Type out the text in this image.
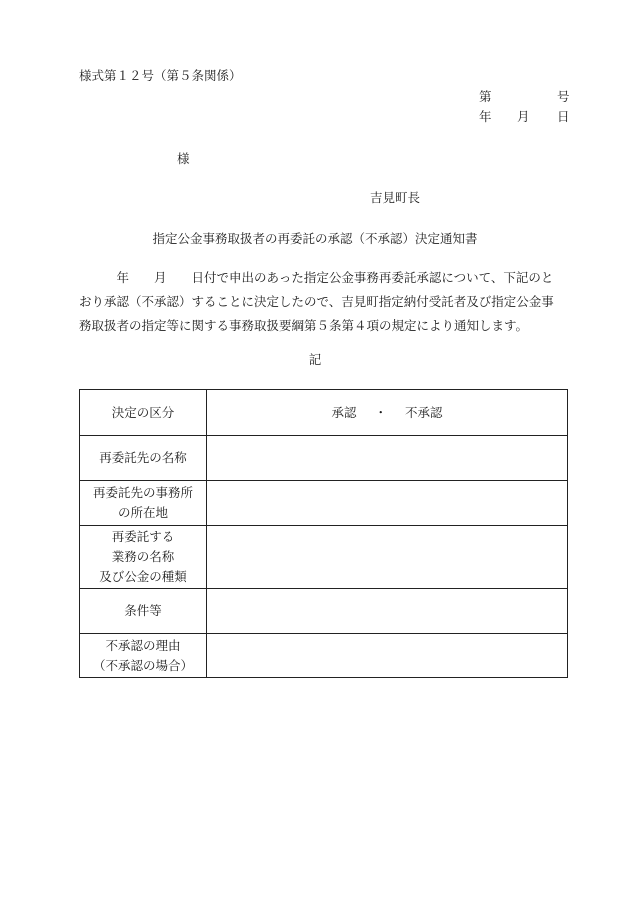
様式第１２号（第５条関係）
第	号
年 月 日
様
吉見町長
指定公金事務取扱者の再委託の承認（不承認）決定通知書
　　　年　　月　　日付で申出のあった指定公金事務再委託承認について、下記のと
おり承認（不承認）することに決定したので、吉見町指定納付受託者及び指定公金事
務取扱者の指定等に関する事務取扱要綱第５条第４項の規定により通知します。
記
決定の区分	承認 ・ 不承認

再委託先の名称	

再委託先の事務所
の所在地	

再委託する
業務の名称
及び公金の種類	

条件等	

不承認の理由
（不承認の場合）	
